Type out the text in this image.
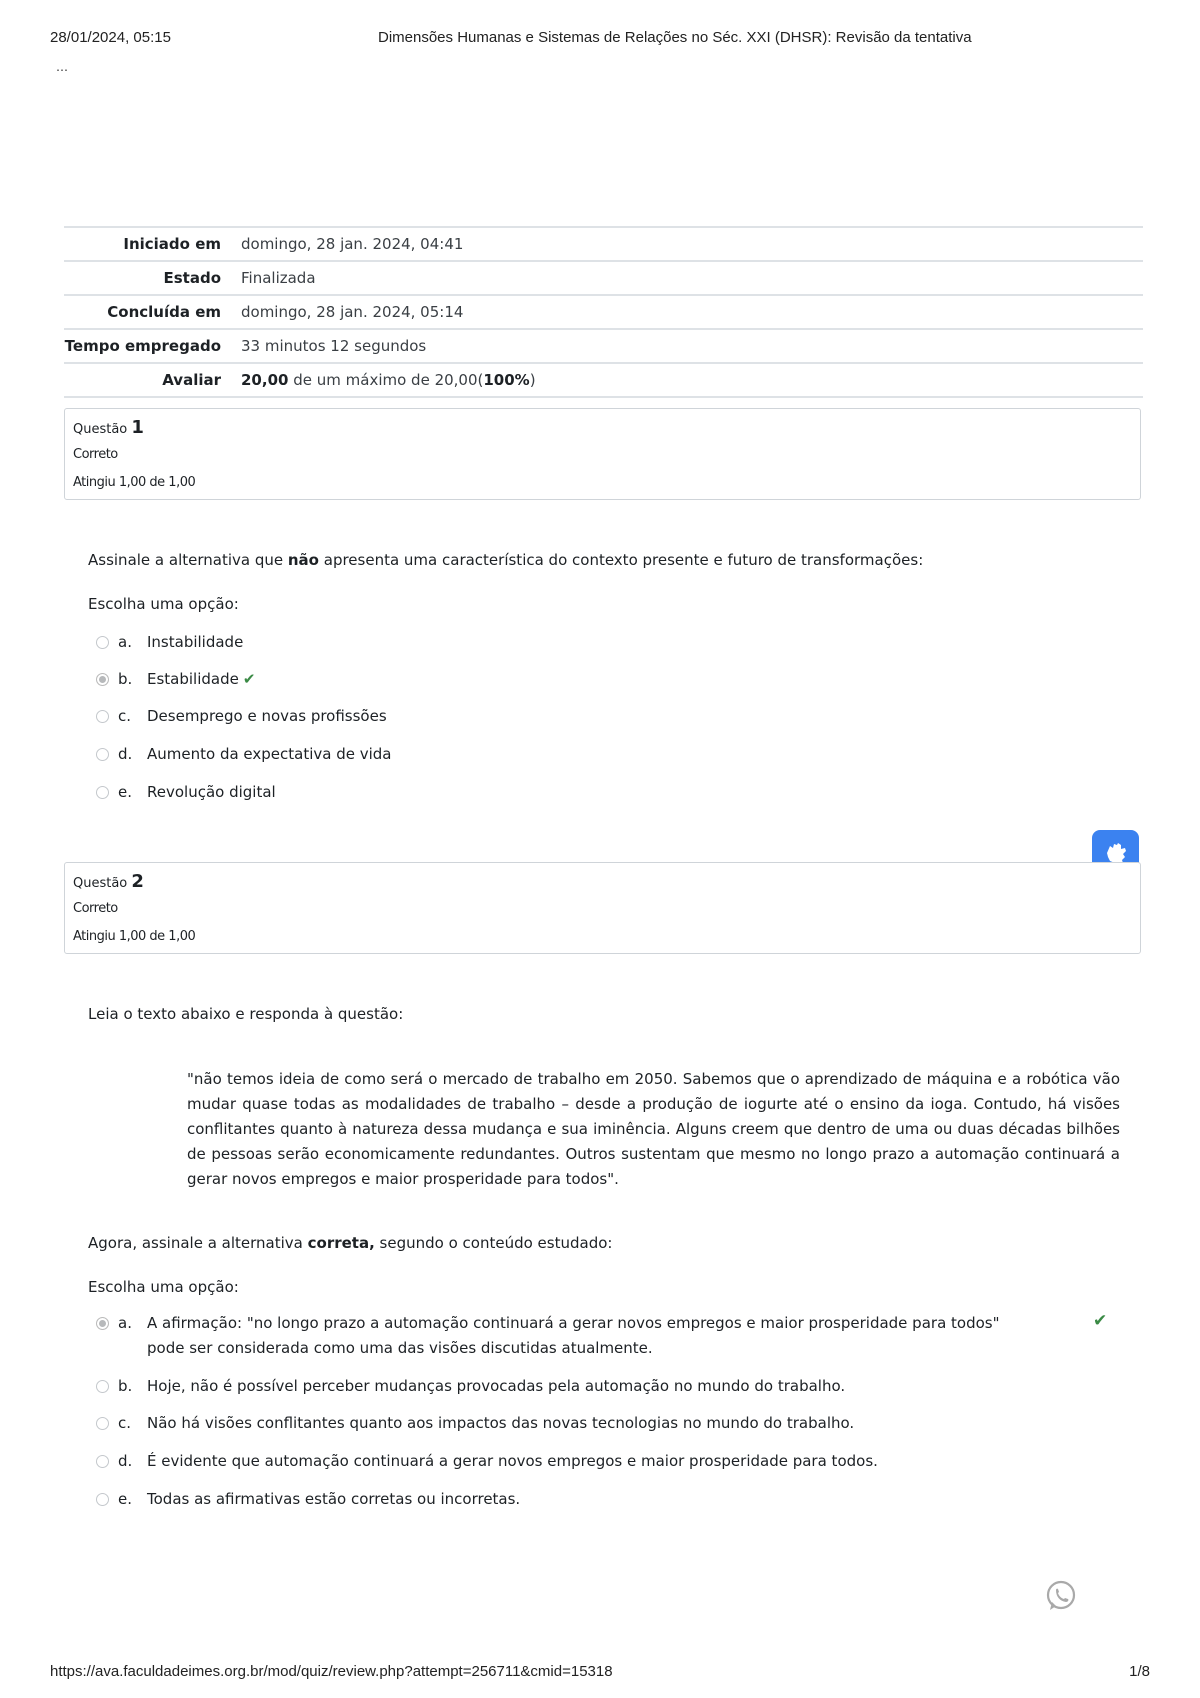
28/01/2024, 05:15	Dimensões Humanas e Sistemas de Relações no Séc. XXI (DHSR): Revisão da tentativa
…
Iniciado em	domingo, 28 jan. 2024, 04:41
Estado	Finalizada
Concluída em	domingo, 28 jan. 2024, 05:14
Tempo empregado	33 minutos 12 segundos
Avaliar	20,00 de um máximo de 20,00(100%)
Questão 1
Correto
Atingiu 1,00 de 1,00
Assinale a alternativa que não apresenta uma característica do contexto presente e futuro de transformações:
Escolha uma opção:
a.	Instabilidade
b. Estabilidade ✔
c.	Desemprego e novas profissões
d. Aumento da expectativa de vida
e.	Revolução digital
Questão 2
Correto
Atingiu 1,00 de 1,00
Leia o texto abaixo e responda à questão:
"não temos ideia de como será o mercado de trabalho em 2050. Sabemos que o aprendizado de máquina e a robótica vão mudar quase todas as modalidades de trabalho – desde a produção de iogurte até o ensino da ioga. Contudo, há visões conflitantes quanto à natureza dessa mudança e sua iminência. Alguns creem que dentro de uma ou duas décadas bilhões de pessoas serão economicamente redundantes. Outros sustentam que mesmo no longo prazo a automação continuará a gerar novos empregos e maior prosperidade para todos".
Agora, assinale a alternativa correta, segundo o conteúdo estudado:
Escolha uma opção:
a.	A afirmação: "no longo prazo a automação continuará a gerar novos empregos e maior prosperidade para todos" pode ser considerada como uma das visões discutidas atualmente.
✔
b. Hoje, não é possível perceber mudanças provocadas pela automação no mundo do trabalho.
c.	Não há visões conflitantes quanto aos impactos das novas tecnologias no mundo do trabalho.
d. É evidente que automação continuará a gerar novos empregos e maior prosperidade para todos.
e.	Todas as afirmativas estão corretas ou incorretas.
https://ava.faculdadeimes.org.br/mod/quiz/review.php?attempt=256711&cmid=15318	1/8
